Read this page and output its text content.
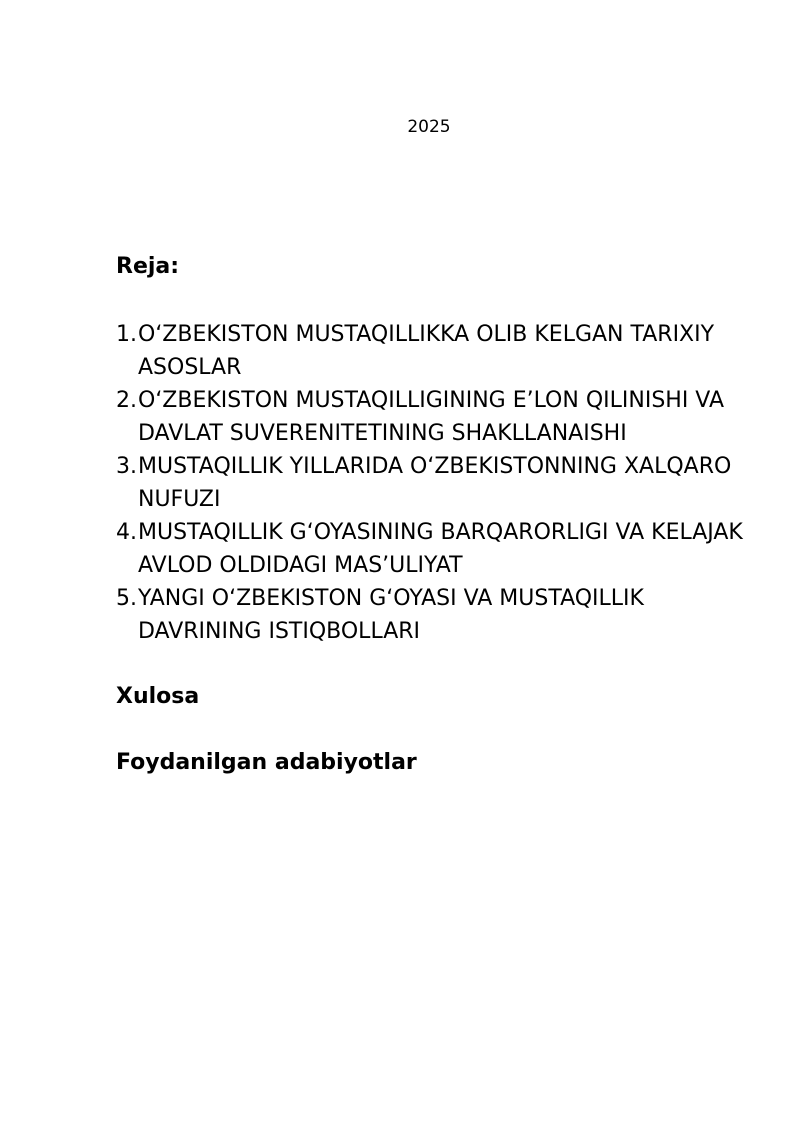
2025
Reja:
1. O‘ZBEKISTON MUSTAQILLIKKA OLIB KELGAN TARIXIY ASOSLAR
2. O‘ZBEKISTON MUSTAQILLIGINING E’LON QILINISHI VA DAVLAT SUVERENITETINING SHAKLLANAISHI
3. MUSTAQILLIK YILLARIDA O‘ZBEKISTONNING XALQARO NUFUZI
4. MUSTAQILLIK G‘OYASINING BARQARORLIGI VA KELAJAK AVLOD OLDIDAGI MAS’ULIYAT
5. YANGI O‘ZBEKISTON G‘OYASI VA MUSTAQILLIK DAVRINING ISTIQBOLLARI
Xulosa
Foydanilgan adabiyotlar
